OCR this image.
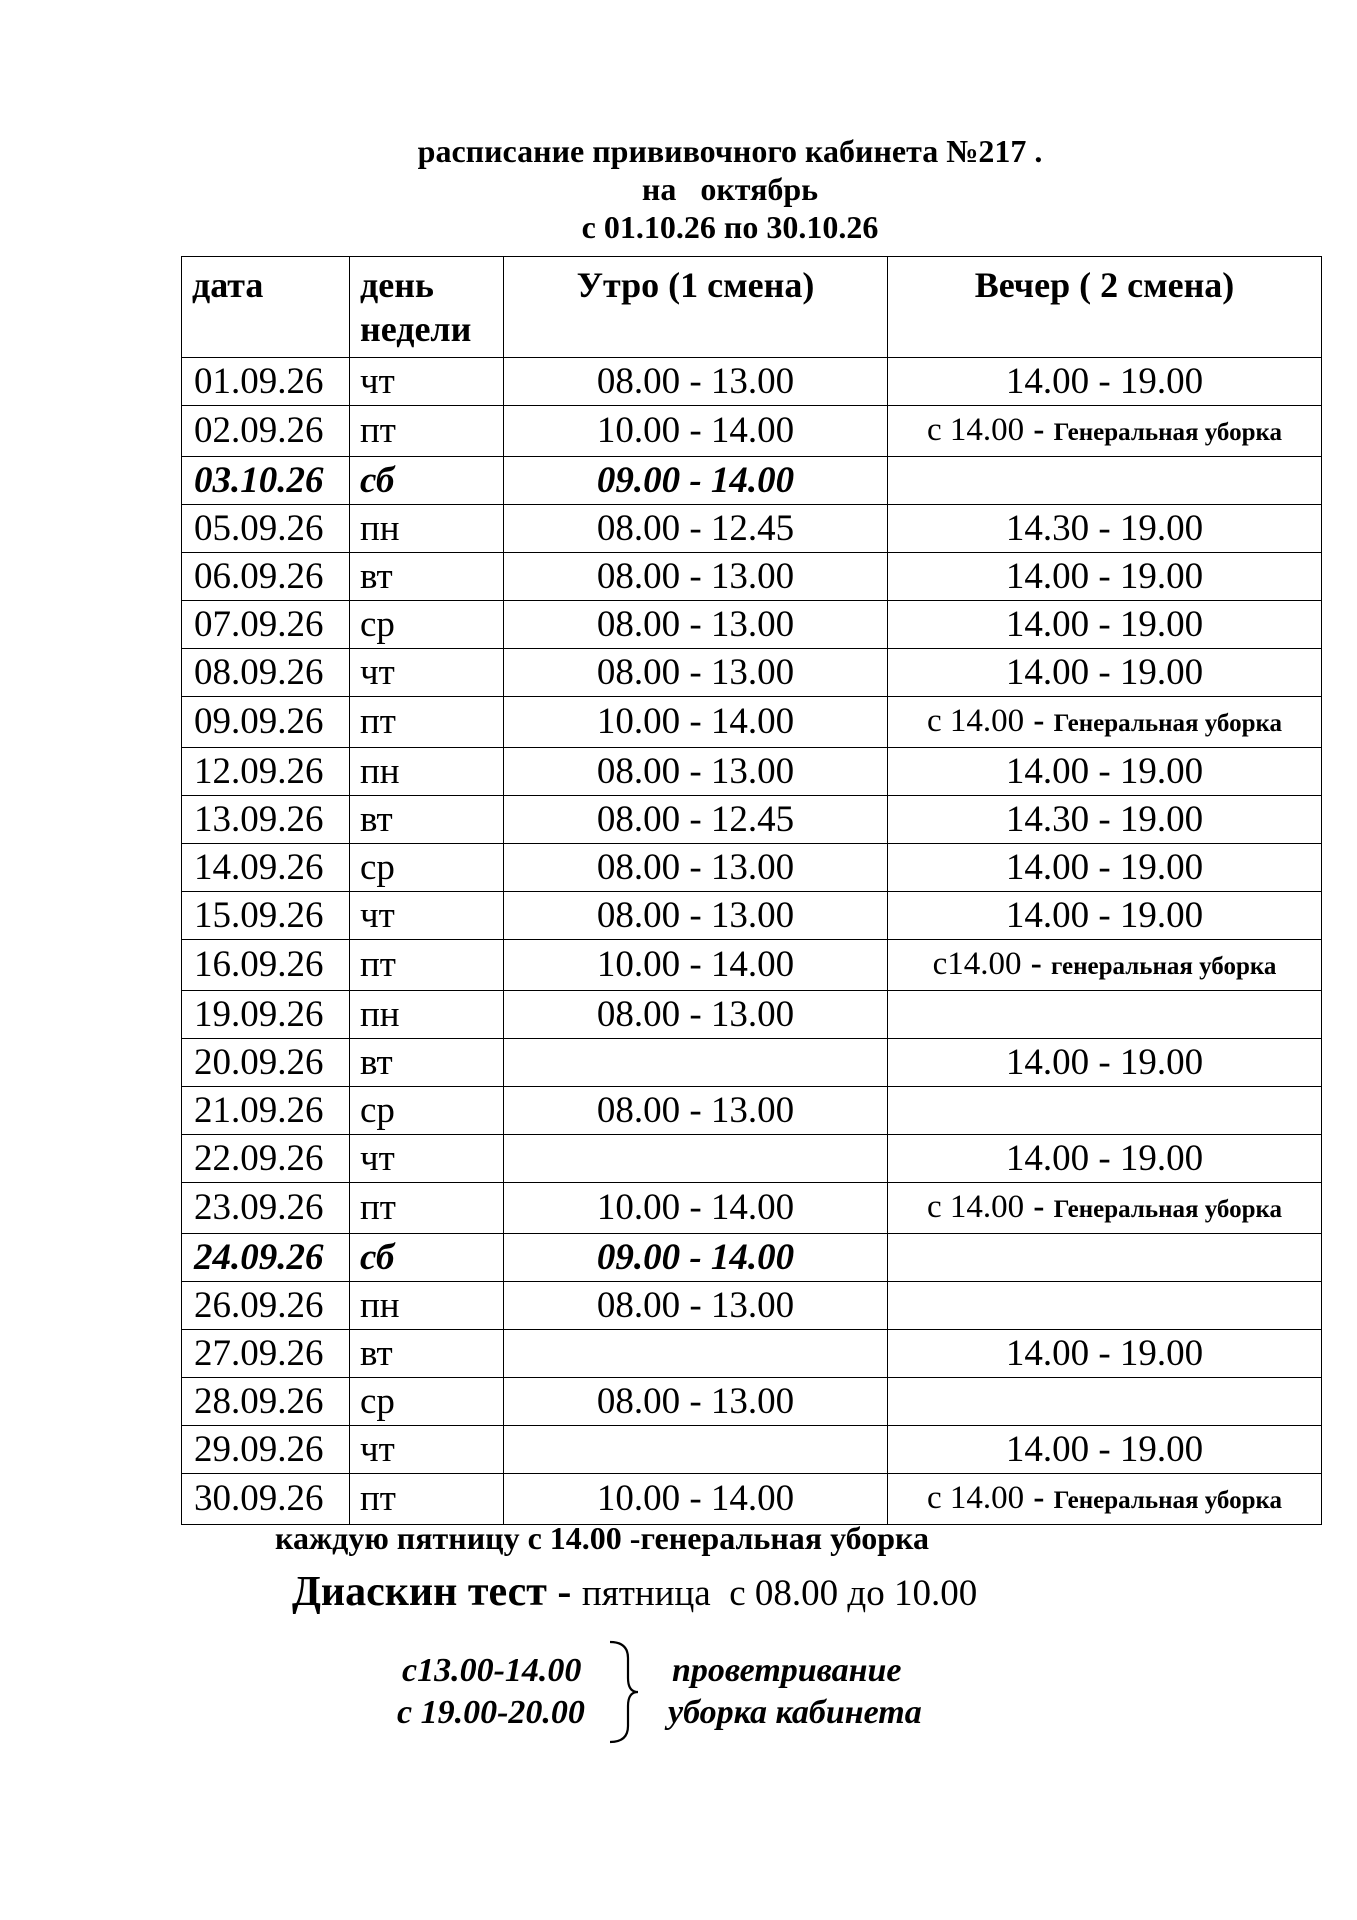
расписание прививочного кабинета №217 .
на   октябрь
с 01.10.26 по 30.10.26
дата	день недели	Утро (1 смена)	Вечер ( 2 смена)

01.09.26	чт	08.00 - 13.00	14.00 - 19.00
02.09.26	пт	10.00 - 14.00	с 14.00 - Генеральная уборка
03.10.26	сб	09.00 - 14.00	
05.09.26	пн	08.00 - 12.45	14.30 - 19.00
06.09.26	вт	08.00 - 13.00	14.00 - 19.00
07.09.26	ср	08.00 - 13.00	14.00 - 19.00
08.09.26	чт	08.00 - 13.00	14.00 - 19.00
09.09.26	пт	10.00 - 14.00	с 14.00 - Генеральная уборка
12.09.26	пн	08.00 - 13.00	14.00 - 19.00
13.09.26	вт	08.00 - 12.45	14.30 - 19.00
14.09.26	ср	08.00 - 13.00	14.00 - 19.00
15.09.26	чт	08.00 - 13.00	14.00 - 19.00
16.09.26	пт	10.00 - 14.00	с14.00 - генеральная уборка
19.09.26	пн	08.00 - 13.00	
20.09.26	вт		14.00 - 19.00
21.09.26	ср	08.00 - 13.00	
22.09.26	чт		14.00 - 19.00
23.09.26	пт	10.00 - 14.00	с 14.00 - Генеральная уборка
24.09.26	сб	09.00 - 14.00	
26.09.26	пн	08.00 - 13.00	
27.09.26	вт		14.00 - 19.00
28.09.26	ср	08.00 - 13.00	
29.09.26	чт		14.00 - 19.00
30.09.26	пт	10.00 - 14.00	с 14.00 - Генеральная уборка
каждую пятницу с 14.00 -генеральная уборка
Диаскин тест - пятница  с 08.00 до 10.00
с13.00-14.00	проветривание
с 19.00-20.00 уборка кабинета
